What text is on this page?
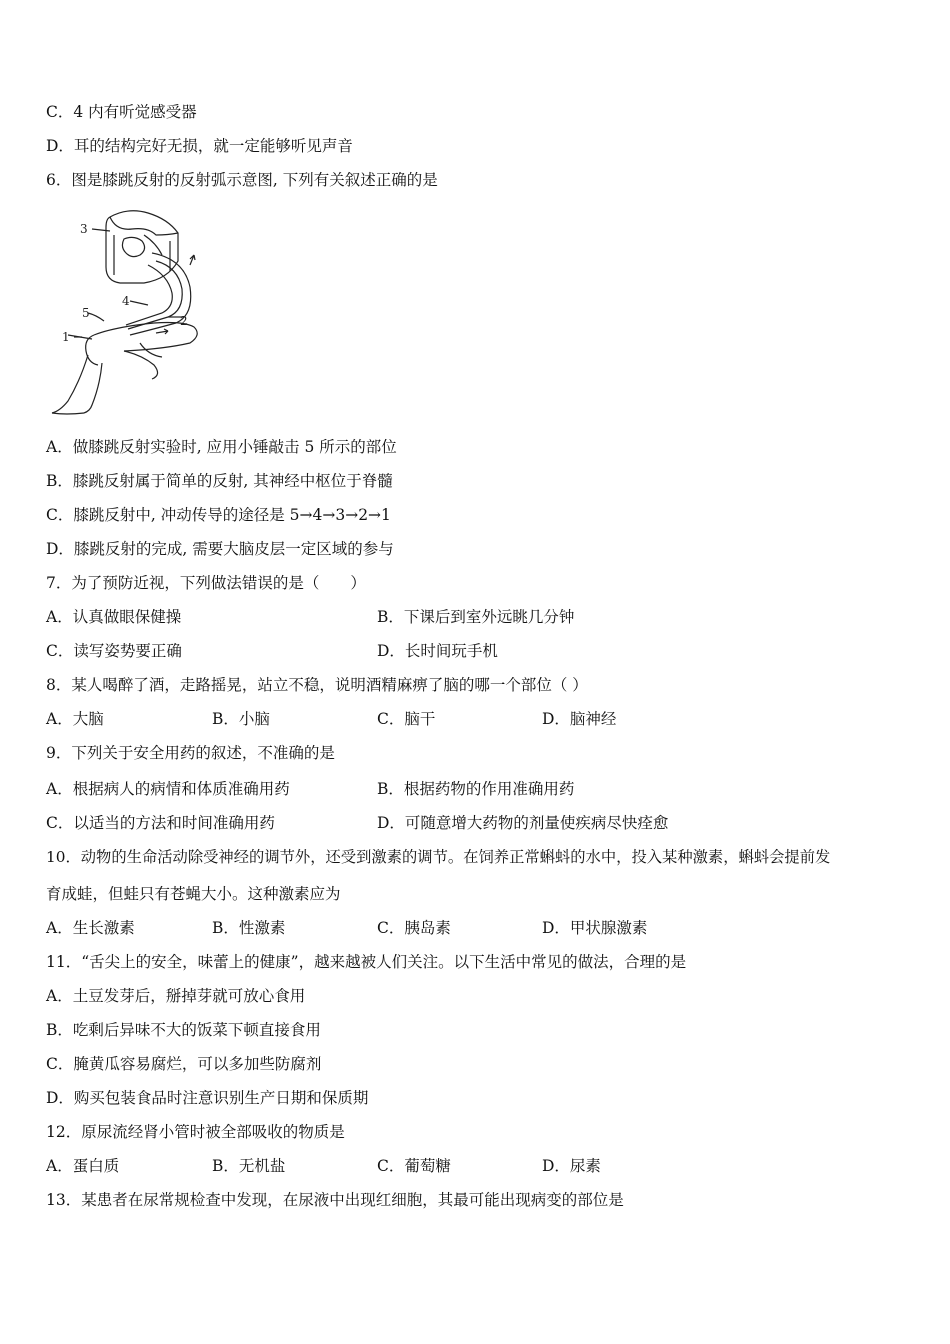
C．4 内有听觉感受器
D．耳的结构完好无损，就一定能够听见声音
6．图是膝跳反射的反射弧示意图, 下列有关叙述正确的是
3
4
5
2
1
A．做膝跳反射实验时, 应用小锤敲击 5 所示的部位
B．膝跳反射属于简单的反射, 其神经中枢位于脊髓
C．膝跳反射中, 冲动传导的途径是 5→4→3→2→1
D．膝跳反射的完成, 需要大脑皮层一定区域的参与
7．为了预防近视，下列做法错误的是（　　）
A．认真做眼保健操	B．下课后到室外远眺几分钟
C．读写姿势要正确	D．长时间玩手机
8．某人喝醉了酒，走路摇晃，站立不稳，说明酒精麻痹了脑的哪一个部位（ ）
A．大脑	B．小脑	C．脑干	D．脑神经
9．下列关于安全用药的叙述，不准确的是
A．根据病人的病情和体质准确用药	B．根据药物的作用准确用药
C．以适当的方法和时间准确用药	D．可随意增大药物的剂量使疾病尽快痊愈
10．动物的生命活动除受神经的调节外，还受到激素的调节。在饲养正常蝌蚪的水中，投入某种激素，蝌蚪会提前发
育成蛙，但蛙只有苍蝇大小。这种激素应为
A．生长激素	B．性激素	C．胰岛素	D．甲状腺激素
11．“舌尖上的安全，味蕾上的健康”，越来越被人们关注。以下生活中常见的做法，合理的是
A．土豆发芽后，掰掉芽就可放心食用
B．吃剩后异味不大的饭菜下顿直接食用
C．腌黄瓜容易腐烂，可以多加些防腐剂
D．购买包装食品时注意识别生产日期和保质期
12．原尿流经肾小管时被全部吸收的物质是
A．蛋白质	B．无机盐	C．葡萄糖	D．尿素
13．某患者在尿常规检查中发现，在尿液中出现红细胞，其最可能出现病变的部位是
